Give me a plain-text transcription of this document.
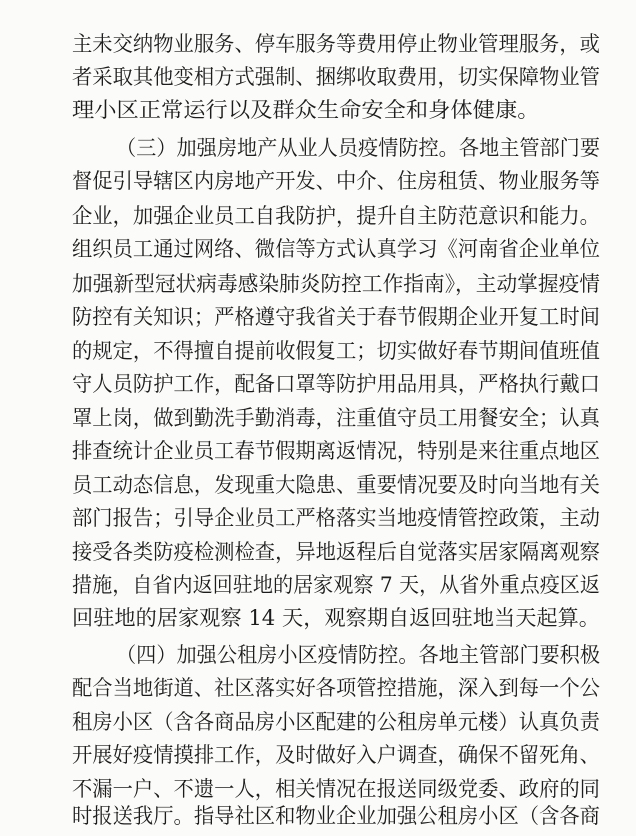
主未交纳物业服务、停车服务等费用停止物业管理服务，或
者采取其他变相方式强制、捆绑收取费用，切实保障物业管
理小区正常运行以及群众生命安全和身体健康。
（三）加强房地产从业人员疫情防控。各地主管部门要
督促引导辖区内房地产开发、中介、住房租赁、物业服务等
企业，加强企业员工自我防护，提升自主防范意识和能力。
组织员工通过网络、微信等方式认真学习《河南省企业单位
加强新型冠状病毒感染肺炎防控工作指南》，主动掌握疫情
防控有关知识；严格遵守我省关于春节假期企业开复工时间
的规定，不得擅自提前收假复工；切实做好春节期间值班值
守人员防护工作，配备口罩等防护用品用具，严格执行戴口
罩上岗，做到勤洗手勤消毒，注重值守员工用餐安全；认真
排查统计企业员工春节假期离返情况，特别是来往重点地区
员工动态信息，发现重大隐患、重要情况要及时向当地有关
部门报告；引导企业员工严格落实当地疫情管控政策，主动
接受各类防疫检测检查，异地返程后自觉落实居家隔离观察
措施，自省内返回驻地的居家观察 7 天，从省外重点疫区返
回驻地的居家观察 14 天，观察期自返回驻地当天起算。
（四）加强公租房小区疫情防控。各地主管部门要积极
配合当地街道、社区落实好各项管控措施，深入到每一个公
租房小区（含各商品房小区配建的公租房单元楼）认真负责
开展好疫情摸排工作，及时做好入户调查，确保不留死角、
不漏一户、不遗一人，相关情况在报送同级党委、政府的同
时报送我厅。指导社区和物业企业加强公租房小区（含各商
